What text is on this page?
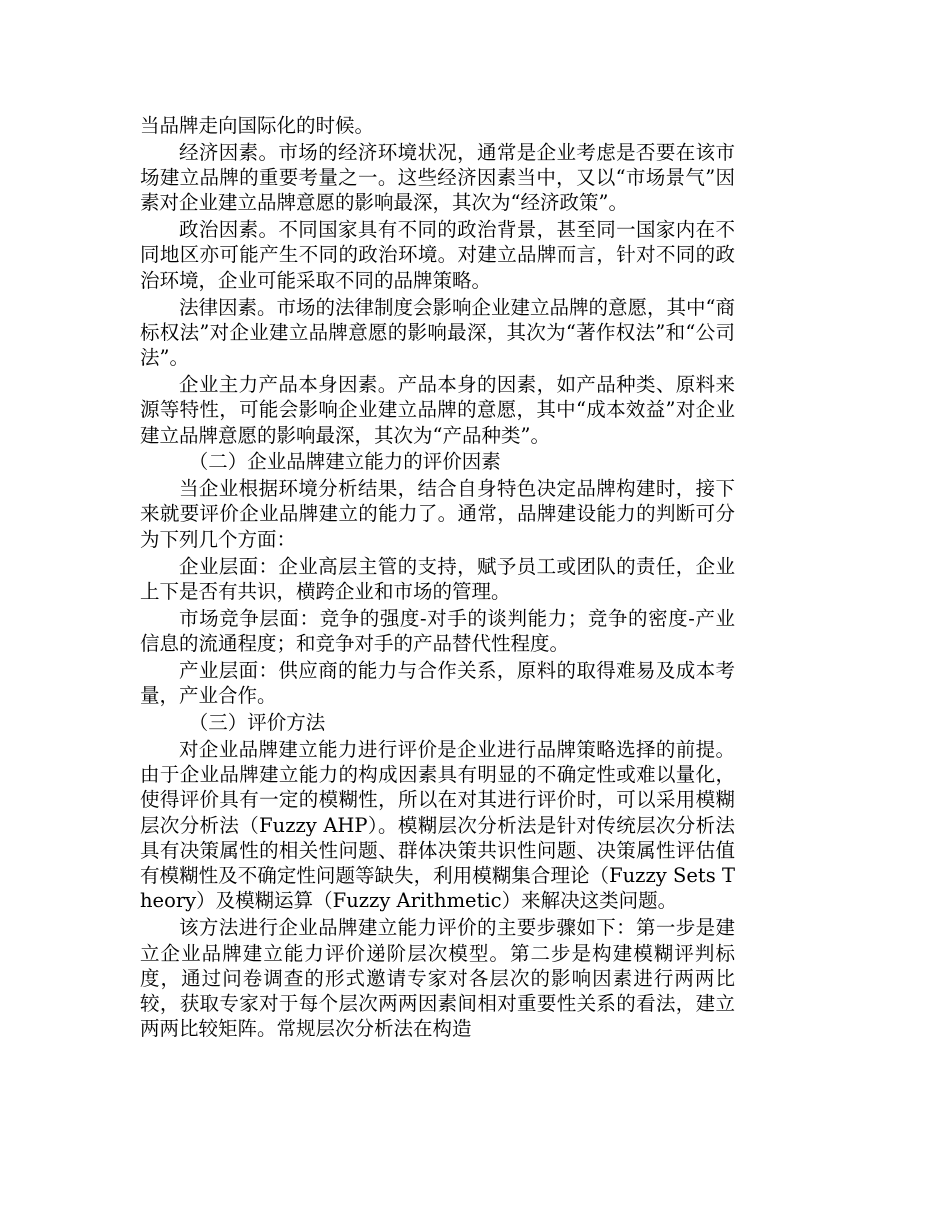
当品牌走向国际化的时候。

经济因素。市场的经济环境状况，通常是企业考虑是否要在该市场建立品牌的重要考量之一。这些经济因素当中，又以“市场景气”因素对企业建立品牌意愿的影响最深，其次为“经济政策”。

政治因素。不同国家具有不同的政治背景，甚至同一国家内在不同地区亦可能产生不同的政治环境。对建立品牌而言，针对不同的政治环境，企业可能采取不同的品牌策略。

法律因素。市场的法律制度会影响企业建立品牌的意愿，其中“商标权法”对企业建立品牌意愿的影响最深，其次为“著作权法”和“公司法”。

企业主力产品本身因素。产品本身的因素，如产品种类、原料来源等特性，可能会影响企业建立品牌的意愿，其中“成本效益”对企业建立品牌意愿的影响最深，其次为“产品种类”。

（二）企业品牌建立能力的评价因素

当企业根据环境分析结果，结合自身特色决定品牌构建时，接下来就要评价企业品牌建立的能力了。通常，品牌建设能力的判断可分为下列几个方面：

企业层面：企业高层主管的支持，赋予员工或团队的责任，企业上下是否有共识，横跨企业和市场的管理。

市场竞争层面：竞争的强度-对手的谈判能力；竞争的密度-产业信息的流通程度；和竞争对手的产品替代性程度。

产业层面：供应商的能力与合作关系，原料的取得难易及成本考量，产业合作。

（三）评价方法

对企业品牌建立能力进行评价是企业进行品牌策略选择的前提。由于企业品牌建立能力的构成因素具有明显的不确定性或难以量化，使得评价具有一定的模糊性，所以在对其进行评价时，可以采用模糊层次分析法（Fuzzy AHP）。模糊层次分析法是针对传统层次分析法具有决策属性的相关性问题、群体决策共识性问题、决策属性评估值有模糊性及不确定性问题等缺失，利用模糊集合理论（Fuzzy Sets Theory）及模糊运算（Fuzzy Arithmetic）来解决这类问题。

该方法进行企业品牌建立能力评价的主要步骤如下：第一步是建立企业品牌建立能力评价递阶层次模型。第二步是构建模糊评判标度，通过问卷调查的形式邀请专家对各层次的影响因素进行两两比较，获取专家对于每个层次两两因素间相对重要性关系的看法，建立两两比较矩阵。常规层次分析法在构造
